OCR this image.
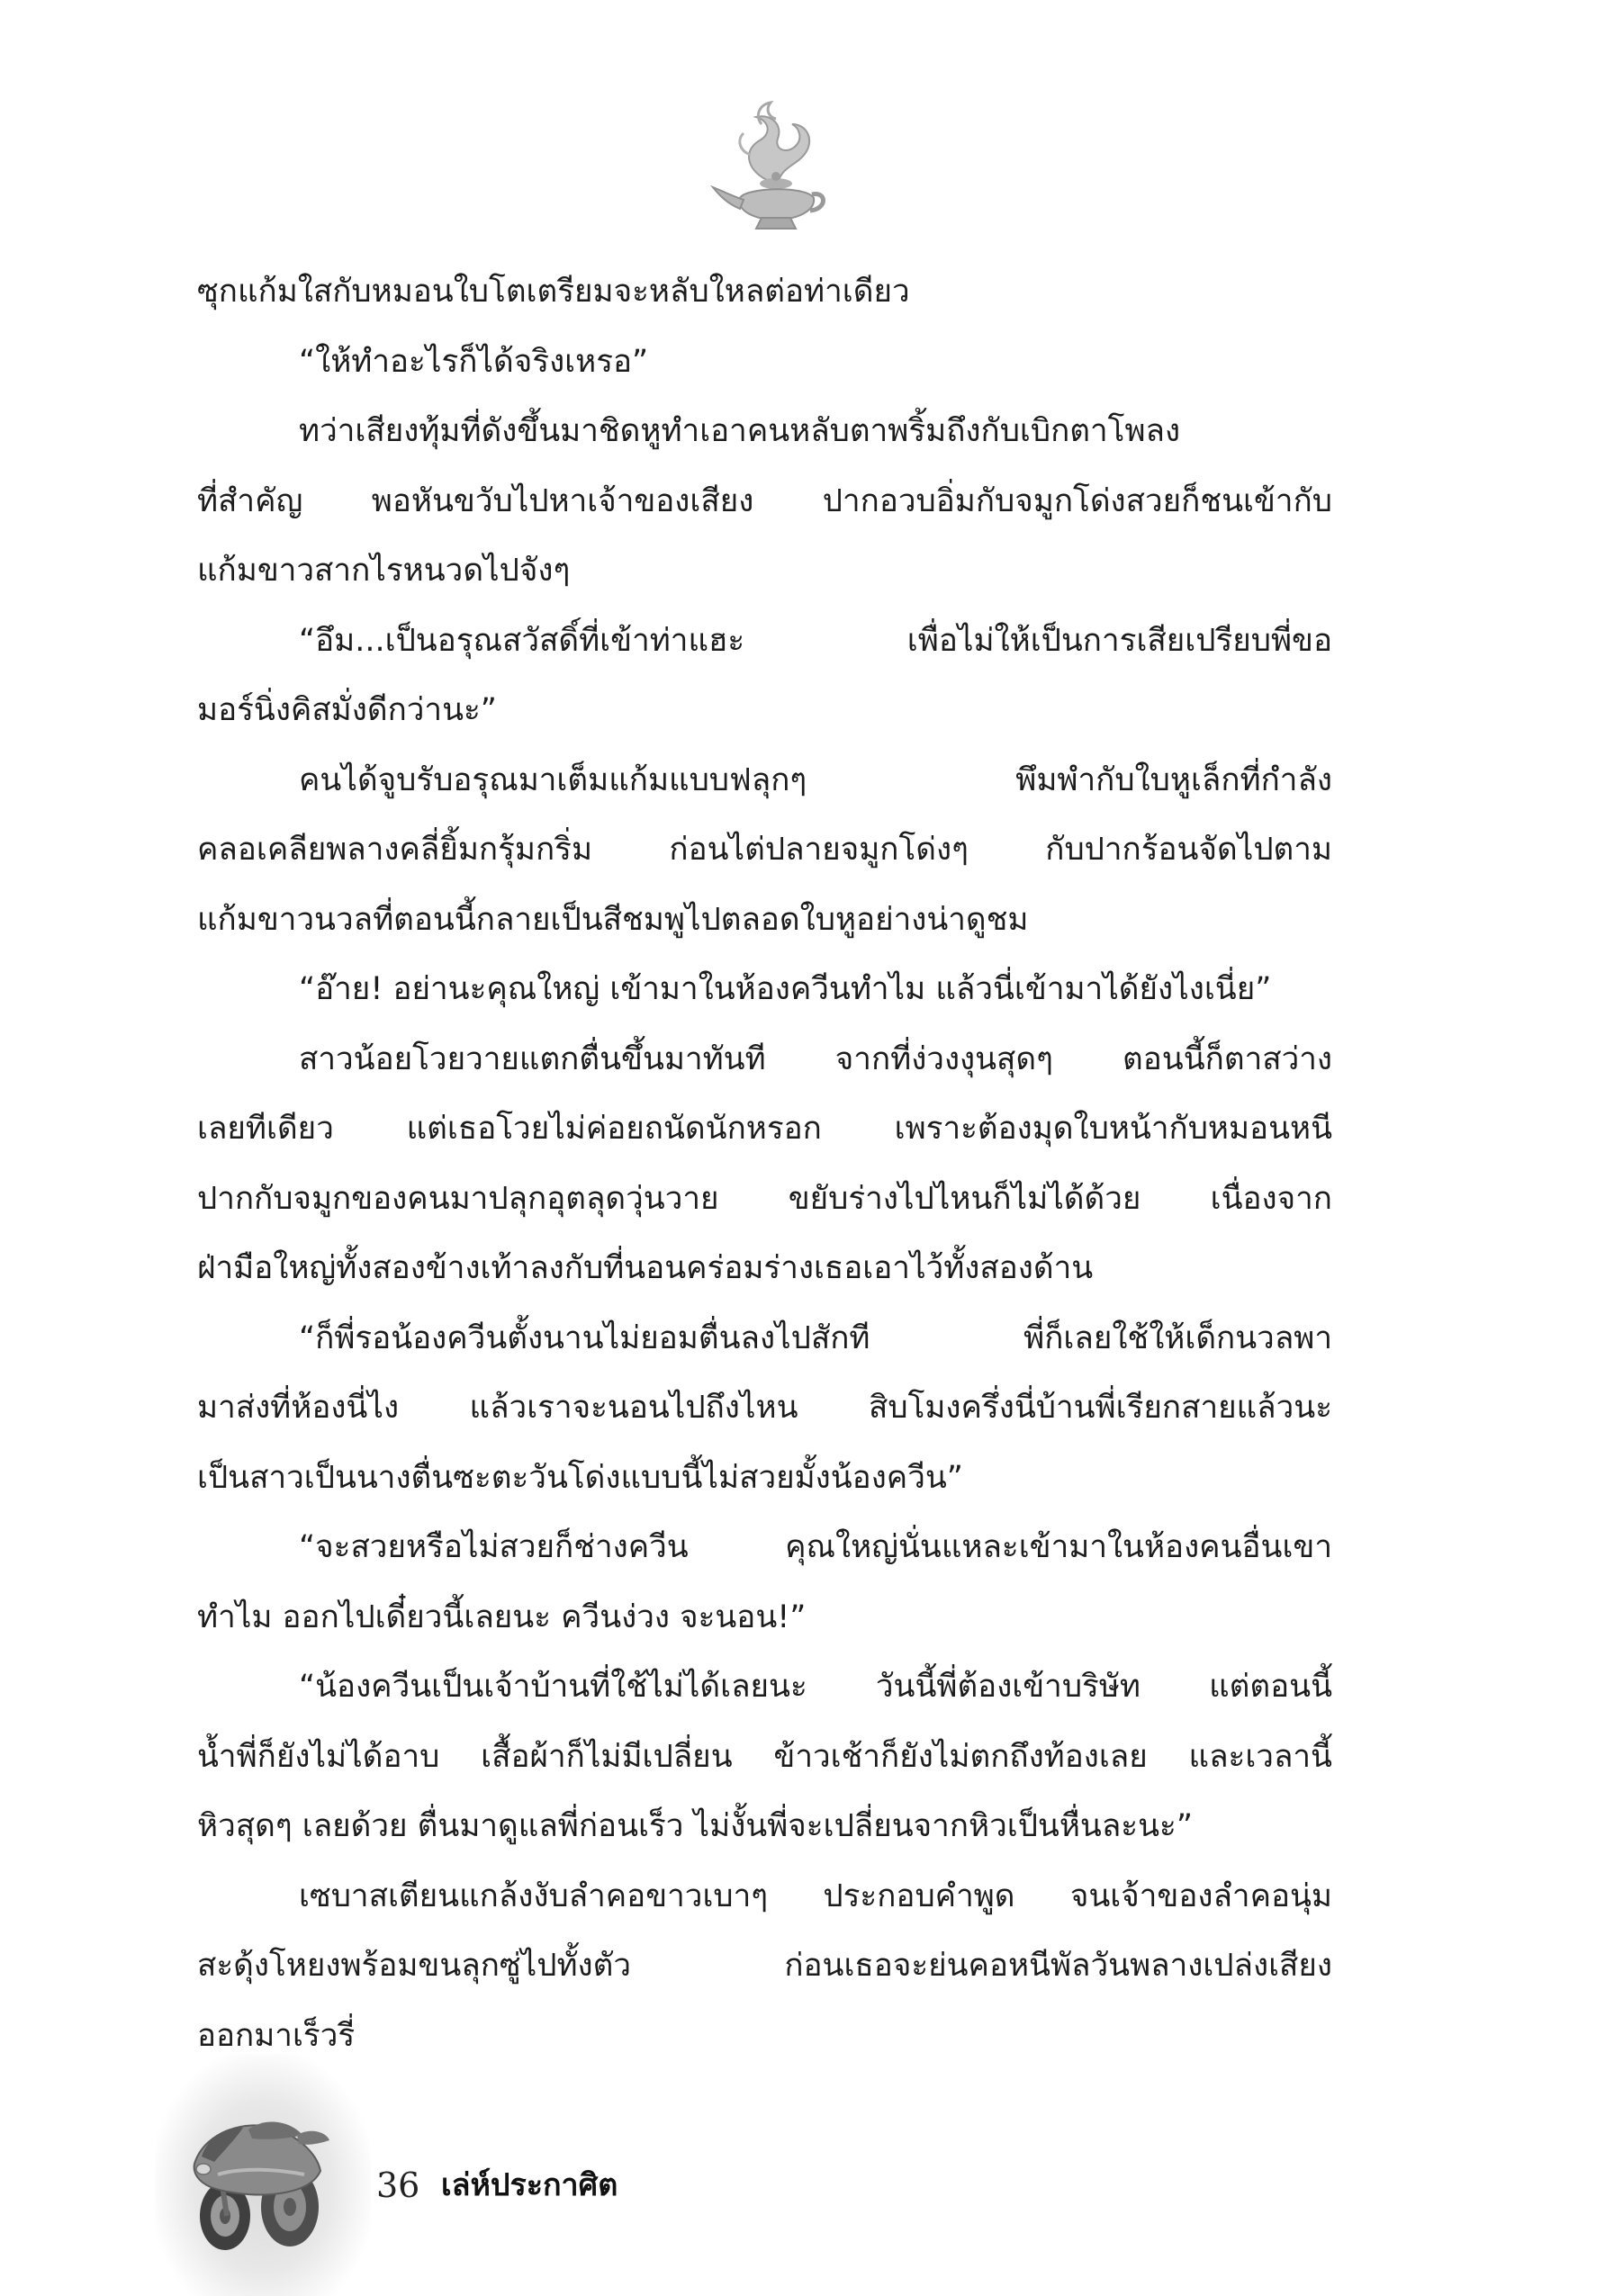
ซุกแก้มใสกับหมอนใบโตเตรียมจะหลับใหลต่อท่าเดียว
“ให้ทำอะไรก็ได้จริงเหรอ”
ทว่าเสียงทุ้มที่ดังขึ้นมาชิดหูทำเอาคนหลับตาพริ้มถึงกับเบิกตาโพลง
ที่สำคัญ พอหันขวับไปหาเจ้าของเสียง ปากอวบอิ่มกับจมูกโด่งสวยก็ชนเข้ากับ
แก้มขาวสากไรหนวดไปจังๆ
“อึม...เป็นอรุณสวัสดิ์ที่เข้าท่าแฮะ เพื่อไม่ให้เป็นการเสียเปรียบพี่ขอ
มอร์นิ่งคิสมั่งดีกว่านะ”
คนได้จูบรับอรุณมาเต็มแก้มแบบฟลุกๆ พึมพำกับใบหูเล็กที่กำลัง
คลอเคลียพลางคลี่ยิ้มกรุ้มกริ่ม ก่อนไต่ปลายจมูกโด่งๆ กับปากร้อนจัดไปตาม
แก้มขาวนวลที่ตอนนี้กลายเป็นสีชมพูไปตลอดใบหูอย่างน่าดูชม
“อ๊าย! อย่านะคุณใหญ่ เข้ามาในห้องควีนทำไม แล้วนี่เข้ามาได้ยังไงเนี่ย”
สาวน้อยโวยวายแตกตื่นขึ้นมาทันที จากที่ง่วงงุนสุดๆ ตอนนี้ก็ตาสว่าง
เลยทีเดียว แต่เธอโวยไม่ค่อยถนัดนักหรอก เพราะต้องมุดใบหน้ากับหมอนหนี
ปากกับจมูกของคนมาปลุกอุตลุดวุ่นวาย ขยับร่างไปไหนก็ไม่ได้ด้วย เนื่องจาก
ฝ่ามือใหญ่ทั้งสองข้างเท้าลงกับที่นอนคร่อมร่างเธอเอาไว้ทั้งสองด้าน
“ก็พี่รอน้องควีนตั้งนานไม่ยอมตื่นลงไปสักที พี่ก็เลยใช้ให้เด็กนวลพา
มาส่งที่ห้องนี่ไง แล้วเราจะนอนไปถึงไหน สิบโมงครึ่งนี่บ้านพี่เรียกสายแล้วนะ
เป็นสาวเป็นนางตื่นซะตะวันโด่งแบบนี้ไม่สวยมั้งน้องควีน”
“จะสวยหรือไม่สวยก็ช่างควีน คุณใหญ่นั่นแหละเข้ามาในห้องคนอื่นเขา
ทำไม ออกไปเดี๋ยวนี้เลยนะ ควีนง่วง จะนอน!”
“น้องควีนเป็นเจ้าบ้านที่ใช้ไม่ได้เลยนะ วันนี้พี่ต้องเข้าบริษัท แต่ตอนนี้
น้ำพี่ก็ยังไม่ได้อาบ เสื้อผ้าก็ไม่มีเปลี่ยน ข้าวเช้าก็ยังไม่ตกถึงท้องเลย และเวลานี้
หิวสุดๆ เลยด้วย ตื่นมาดูแลพี่ก่อนเร็ว ไม่งั้นพี่จะเปลี่ยนจากหิวเป็นหื่นละนะ”
เซบาสเตียนแกล้งงับลำคอขาวเบาๆ ประกอบคำพูด จนเจ้าของลำคอนุ่ม
สะดุ้งโหยงพร้อมขนลุกซู่ไปทั้งตัว ก่อนเธอจะย่นคอหนีพัลวันพลางเปล่งเสียง
ออกมาเร็วรี่
36 เล่ห์ประกาศิต
